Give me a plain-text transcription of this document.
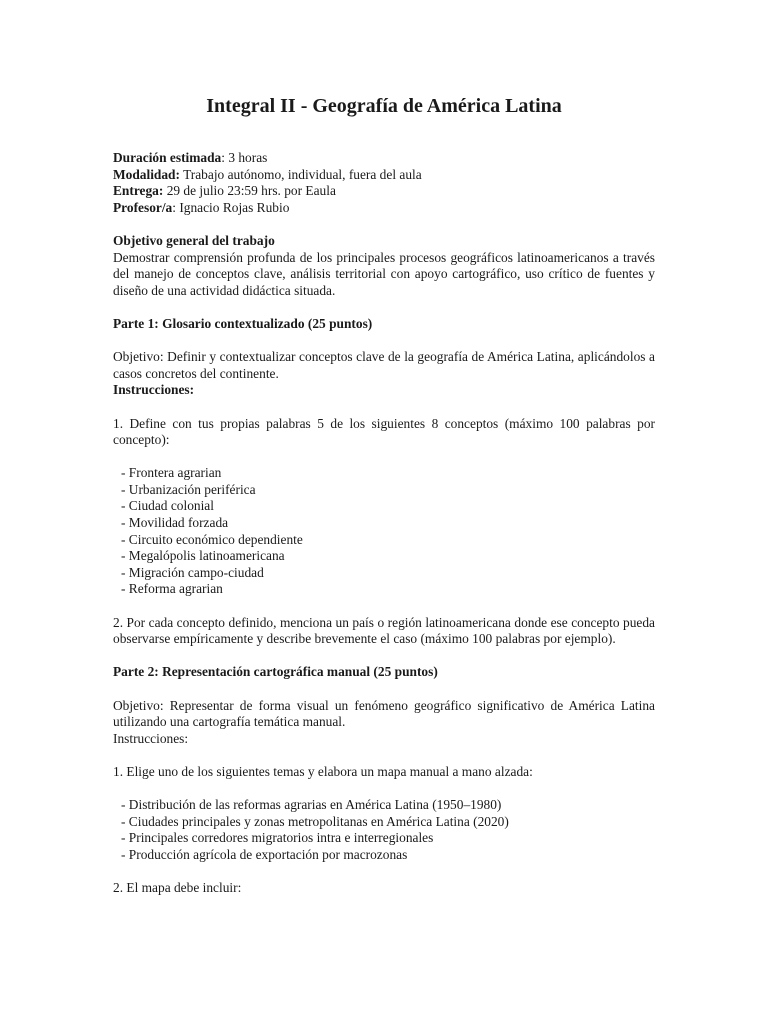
Integral II - Geografía de América Latina

Duración estimada: 3 horas

Modalidad: Trabajo autónomo, individual, fuera del aula

Entrega: 29 de julio 23:59 hrs. por Eaula

Profesor/a: Ignacio Rojas Rubio

Objetivo general del trabajo

Demostrar comprensión profunda de los principales procesos geográficos latinoamericanos a través del manejo de conceptos clave, análisis territorial con apoyo cartográfico, uso crítico de fuentes y diseño de una actividad didáctica situada.

Parte 1: Glosario contextualizado (25 puntos)

Objetivo: Definir y contextualizar conceptos clave de la geografía de América Latina, aplicándolos a casos concretos del continente.

Instrucciones:

1. Define con tus propias palabras 5 de los siguientes 8 conceptos (máximo 100 palabras por concepto):

- Frontera agrarian
- Urbanización periférica
- Ciudad colonial
- Movilidad forzada
- Circuito económico dependiente
- Megalópolis latinoamericana
- Migración campo-ciudad
- Reforma agrarian

2. Por cada concepto definido, menciona un país o región latinoamericana donde ese concepto pueda observarse empíricamente y describe brevemente el caso (máximo 100 palabras por ejemplo).

Parte 2: Representación cartográfica manual (25 puntos)

Objetivo: Representar de forma visual un fenómeno geográfico significativo de América Latina utilizando una cartografía temática manual.

Instrucciones:

1. Elige uno de los siguientes temas y elabora un mapa manual a mano alzada:

- Distribución de las reformas agrarias en América Latina (1950–1980)
- Ciudades principales y zonas metropolitanas en América Latina (2020)
- Principales corredores migratorios intra e interregionales
- Producción agrícola de exportación por macrozonas

2. El mapa debe incluir:
